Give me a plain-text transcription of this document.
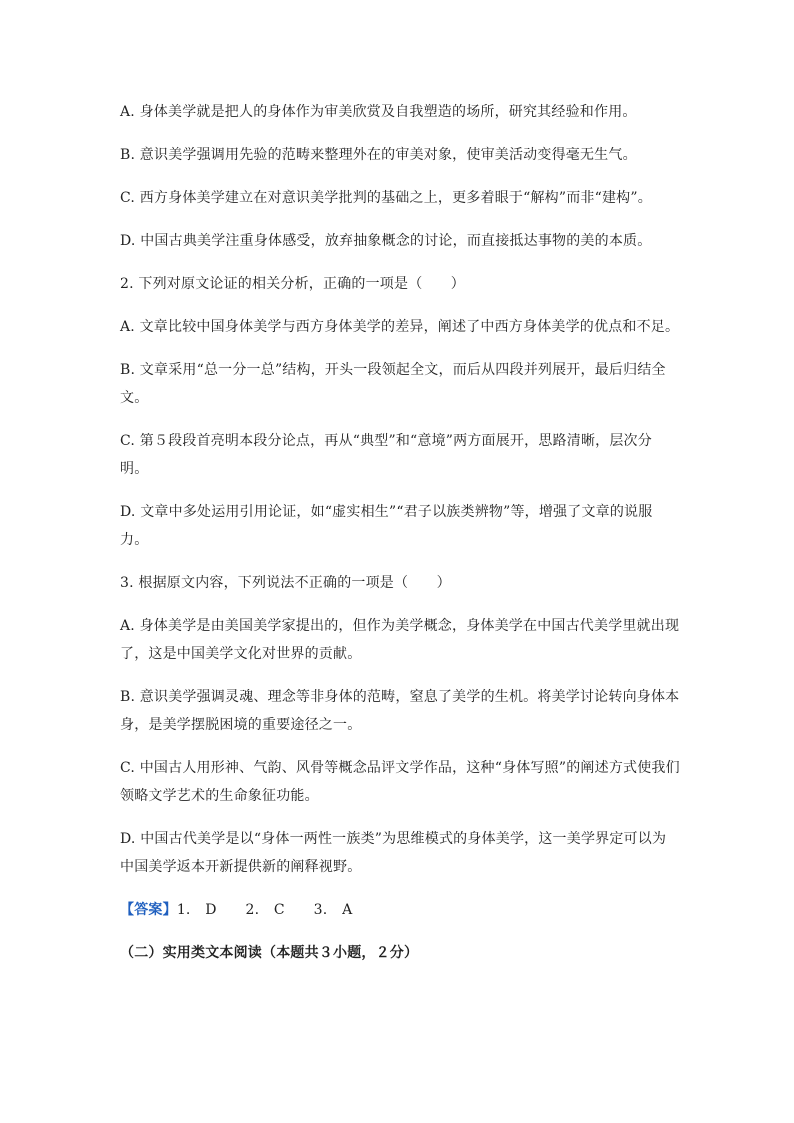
A. 身体美学就是把人的身体作为审美欣赏及自我塑造的场所，研究其经验和作用。

B. 意识美学强调用先验的范畴来整理外在的审美对象，使审美活动变得毫无生气。

C. 西方身体美学建立在对意识美学批判的基础之上，更多着眼于“解构”而非“建构”。

D. 中国古典美学注重身体感受，放弃抽象概念的讨论，而直接抵达事物的美的本质。

2. 下列对原文论证的相关分析，正确的一项是（　　）

A. 文章比较中国身体美学与西方身体美学的差异，阐述了中西方身体美学的优点和不足。

B. 文章采用“总一分一总”结构，开头一段领起全文，而后从四段并列展开，最后归结全文。

C. 第５段段首亮明本段分论点，再从“典型”和“意境”两方面展开，思路清晰，层次分明。

D. 文章中多处运用引用论证，如“虚实相生”“君子以族类辨物”等，增强了文章的说服力。

3. 根据原文内容，下列说法不正确的一项是（　　）

A. 身体美学是由美国美学家提出的，但作为美学概念，身体美学在中国古代美学里就出现了，这是中国美学文化对世界的贡献。

B. 意识美学强调灵魂、理念等非身体的范畴，窒息了美学的生机。将美学讨论转向身体本身，是美学摆脱困境的重要途径之一。

C. 中国古人用形神、气韵、风骨等概念品评文学作品，这种“身体写照”的阐述方式使我们领略文学艺术的生命象征功能。

D. 中国古代美学是以“身体一两性一族类”为思维模式的身体美学，这一美学界定可以为中国美学返本开新提供新的阐释视野。

【答案】1. D　 2. C　 3. A

（二）实用类文本阅读（本题共３小题，２分）
